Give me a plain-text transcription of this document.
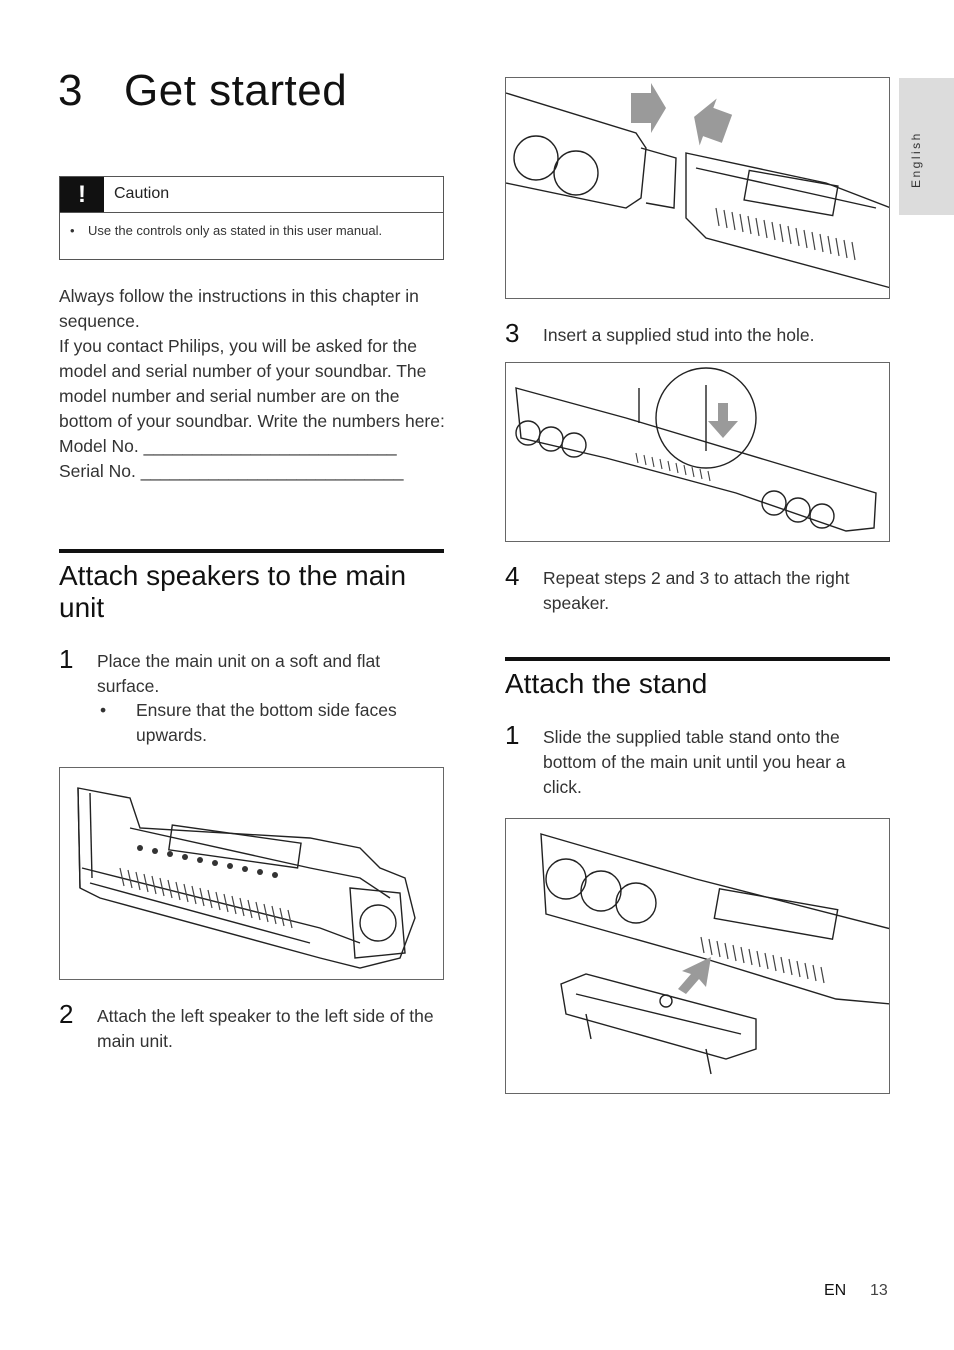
3 Get started
!	Caution
• Use the controls only as stated in this user manual.

Always follow the instructions in this chapter in sequence.

If you contact Philips, you will be asked for the model and serial number of your soundbar. The model number and serial number are on the bottom of your soundbar. Write the numbers here:

Model No. __________________________

Serial No. ___________________________

Attach speakers to the main unit
1 Place the main unit on a soft and flat surface.
• Ensure that the bottom side faces upwards.
2 Attach the left speaker to the left side of the main unit.
3 Insert a supplied stud into the hole.
4 Repeat steps 2 and 3 to attach the right speaker.
Attach the stand
1 Slide the supplied table stand onto the bottom of the main unit until you hear a click.
English
EN 13
